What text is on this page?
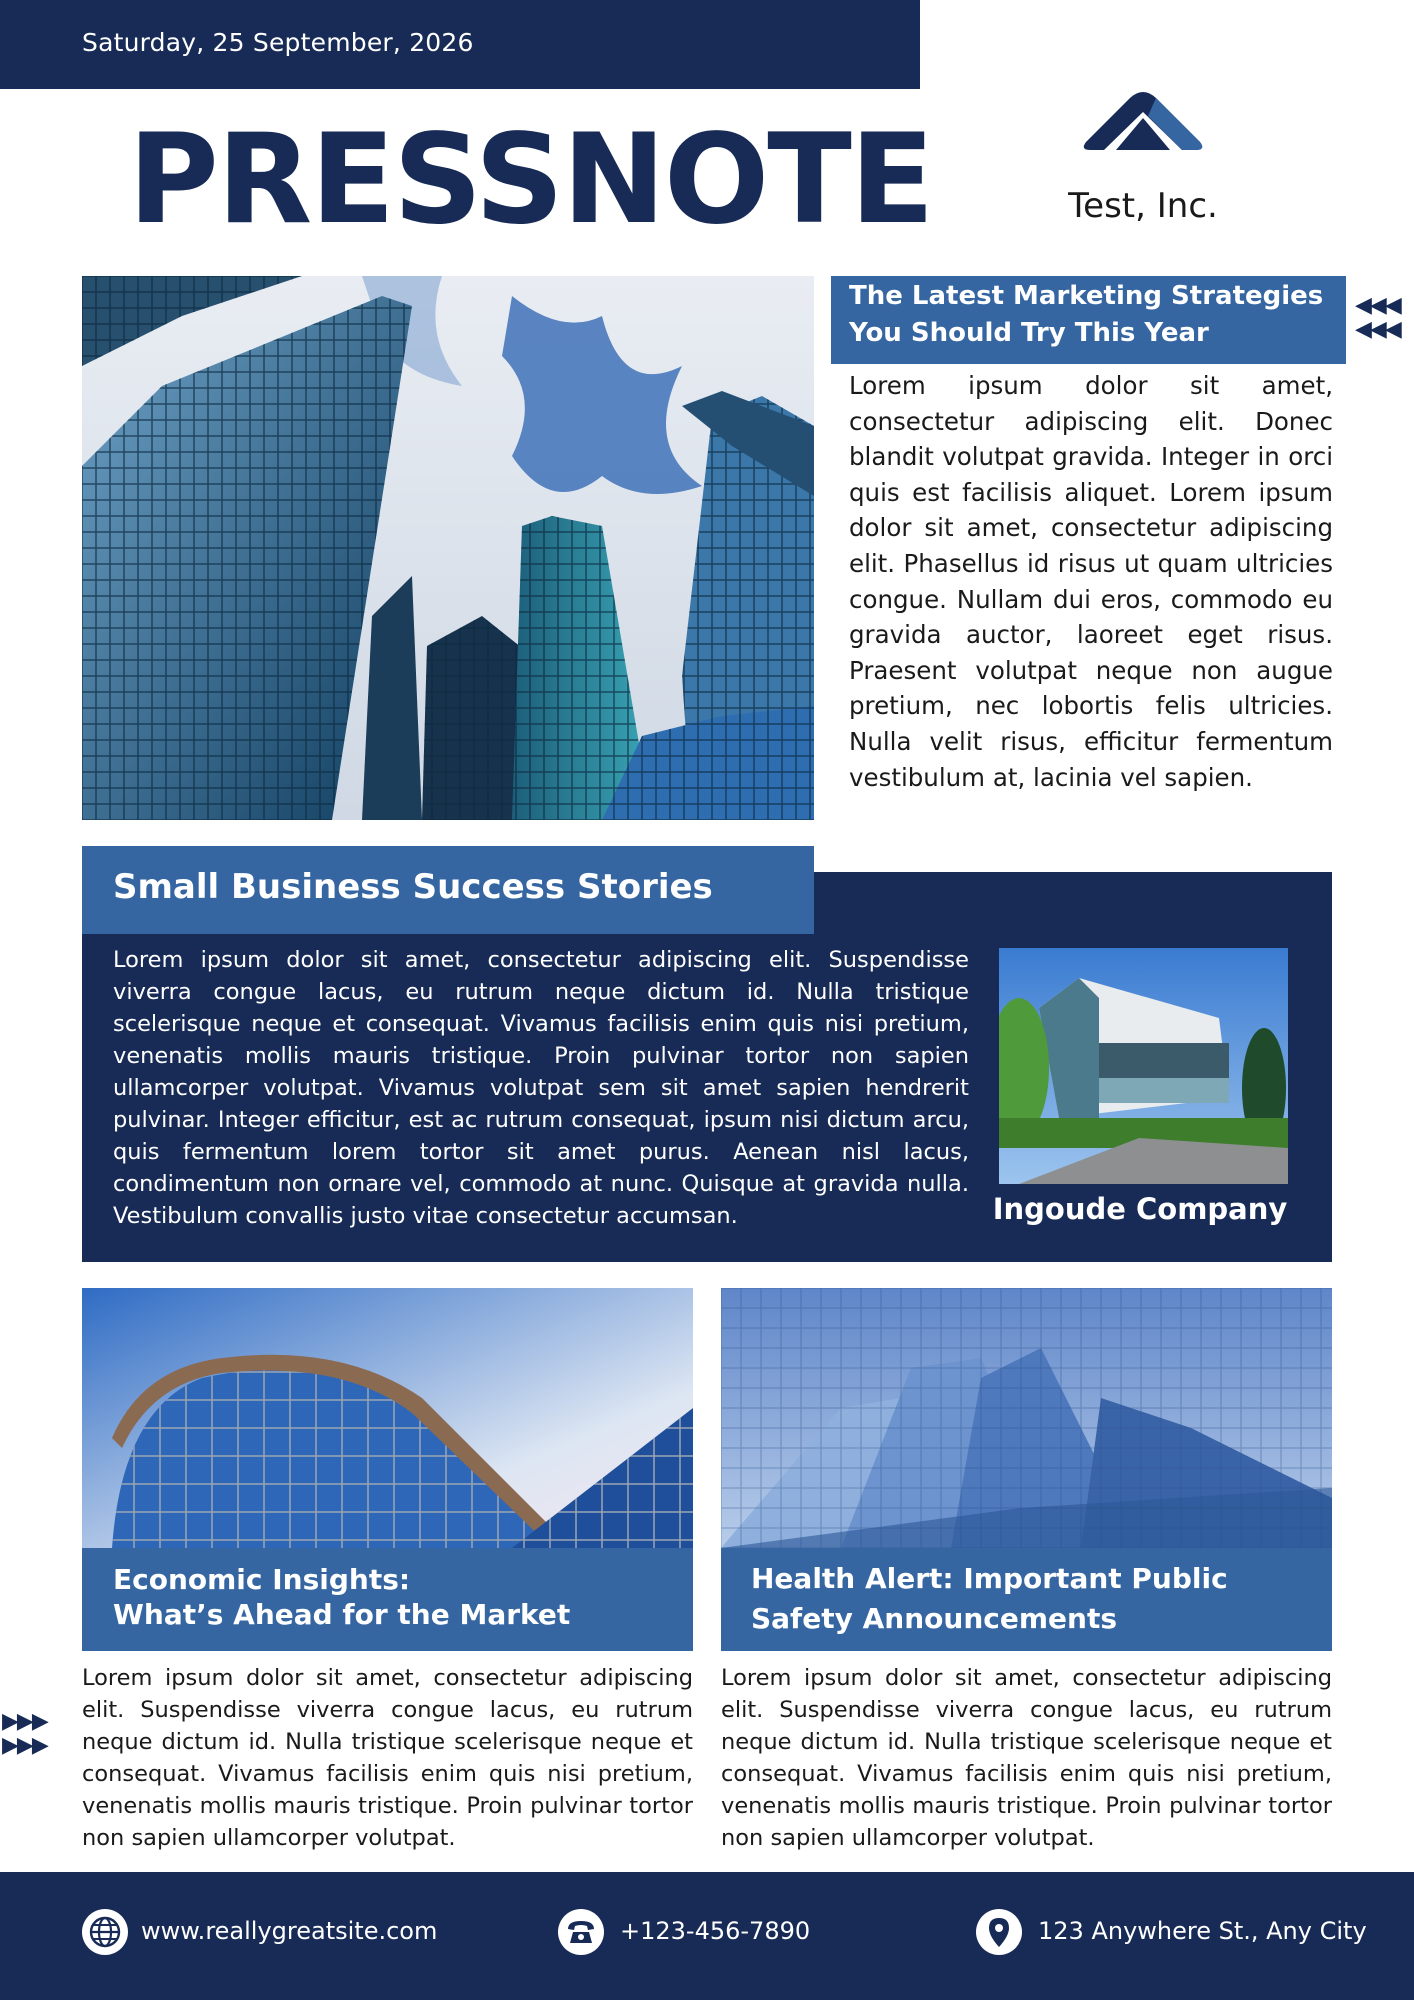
Saturday, 25 September, 2026
PRESSNOTE	Test, Inc.
The Latest Marketing Strategies You Should Try This Year
◀◀◀
◀◀◀
Lorem ipsum dolor sit amet, consectetur adipiscing elit. Donec blandit volutpat gravida. Integer in orci quis est facilisis aliquet. Lorem ipsum dolor sit amet, consectetur adipiscing elit. Phasellus id risus ut quam ultricies congue. Nullam dui eros, commodo eu gravida auctor, laoreet eget risus. Praesent volutpat neque non augue pretium, nec lobortis felis ultricies. Nulla velit risus, efficitur fermentum vestibulum at, lacinia vel sapien.
Small Business Success Stories
Lorem ipsum dolor sit amet, consectetur adipiscing elit. Suspendisse viverra congue lacus, eu rutrum neque dictum id. Nulla tristique scelerisque neque et consequat. Vivamus facilisis enim quis nisi pretium, venenatis mollis mauris tristique. Proin pulvinar tortor non sapien ullamcorper volutpat. Vivamus volutpat sem sit amet sapien hendrerit pulvinar. Integer efficitur, est ac rutrum consequat, ipsum nisi dictum arcu, quis fermentum lorem tortor sit amet purus. Aenean nisl lacus, condimentum non ornare vel, commodo at nunc. Quisque at gravida nulla. Vestibulum convallis justo vitae consectetur accumsan.	Ingoude Company
Economic Insights:
What’s Ahead for the Market
Health Alert: Important Public Safety Announcements
▶▶▶
▶▶▶
Lorem ipsum dolor sit amet, consectetur adipiscing elit. Suspendisse viverra congue lacus, eu rutrum neque dictum id. Nulla tristique scelerisque neque et consequat. Vivamus facilisis enim quis nisi pretium, venenatis mollis mauris tristique. Proin pulvinar tortor non sapien ullamcorper volutpat.
Lorem ipsum dolor sit amet, consectetur adipiscing elit. Suspendisse viverra congue lacus, eu rutrum neque dictum id. Nulla tristique scelerisque neque et consequat. Vivamus facilisis enim quis nisi pretium, venenatis mollis mauris tristique. Proin pulvinar tortor non sapien ullamcorper volutpat.
www.reallygreatsite.com	+123-456-7890	123 Anywhere St., Any City
